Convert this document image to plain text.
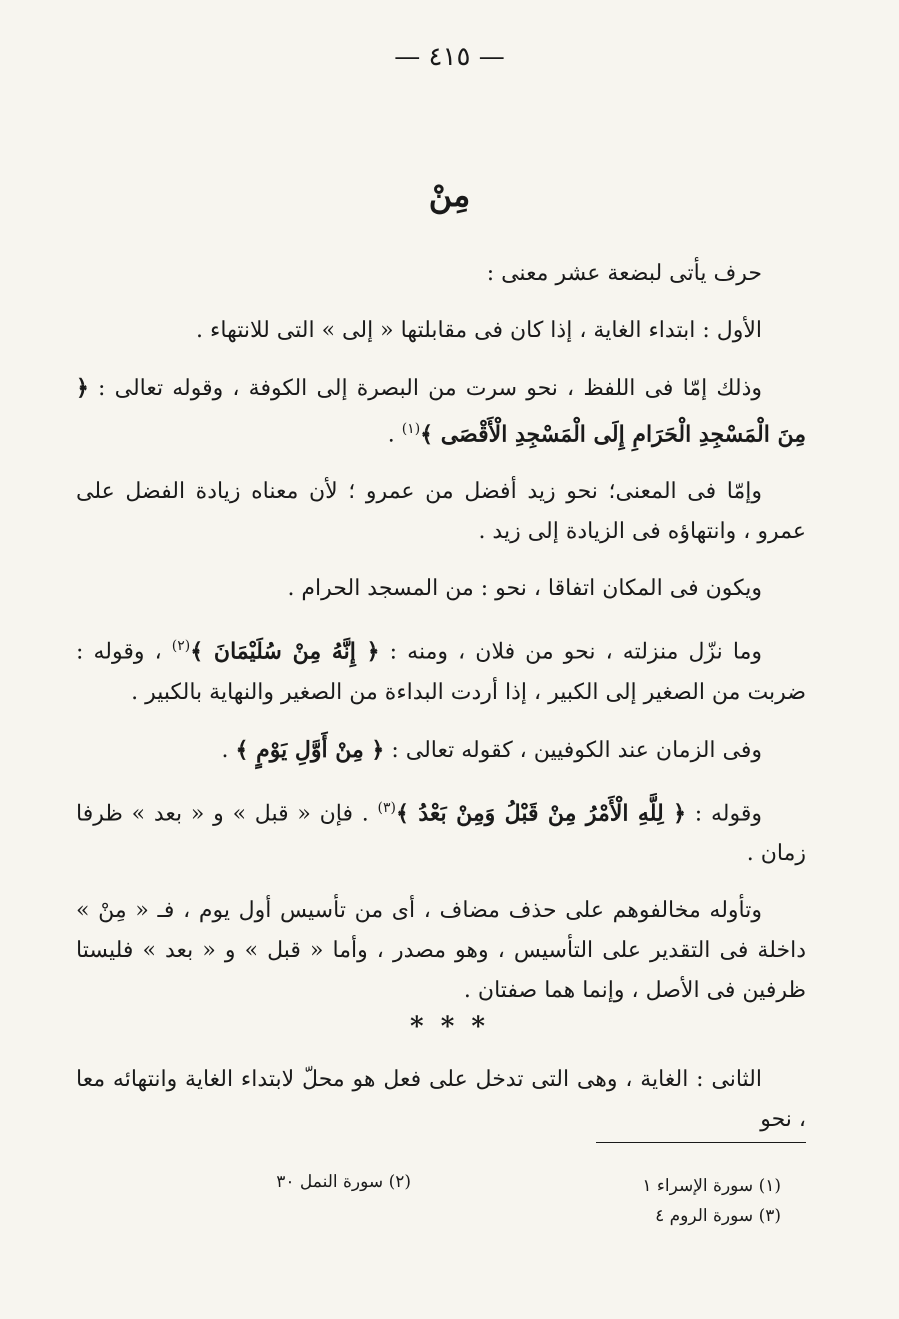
— ٤١٥ —
مِنْ

حرف يأتى لبضعة عشر معنى :

الأول : ابتداء الغاية ، إذا كان فى مقابلتها « إلى » التى للانتهاء .

وذلك إمّا فى اللفظ ، نحو سرت من البصرة إلى الكوفة ، وقوله تعالى : ﴿ مِنَ الْمَسْجِدِ الْحَرَامِ إِلَى الْمَسْجِدِ الْأَقْصَى ﴾$^{(١)}$ .

وإمّا فى المعنى؛ نحو زيد أفضل من عمرو ؛ لأن معناه زيادة الفضل على عمرو ، وانتهاؤه فى الزيادة إلى زيد .

ويكون فى المكان اتفاقا ، نحو : من المسجد الحرام .

وما نزّل منزلته ، نحو من فلان ، ومنه : ﴿ إِنَّهُ مِنْ سُلَيْمَانَ ﴾$^{(٢)}$ ، وقوله : ضربت من الصغير إلى الكبير ، إذا أردت البداءة من الصغير والنهاية بالكبير .

وفى الزمان عند الكوفيين ، كقوله تعالى : ﴿ مِنْ أَوَّلِ يَوْمٍ ﴾ .

وقوله : ﴿ لِلَّهِ الْأَمْرُ مِنْ قَبْلُ وَمِنْ بَعْدُ ﴾$^{(٣)}$ . فإن « قبل » و « بعد » ظرفا زمان .

وتأوله مخالفوهم على حذف مضاف ، أى من تأسيس أول يوم ، فـ « مِنْ » داخلة فى التقدير على التأسيس ، وهو مصدر ، وأما « قبل » و « بعد » فليستا ظرفين فى الأصل ، وإنما هما صفتان .

* * *
الثانى : الغاية ، وهى التى تدخل على فعل هو محلّ لابتداء الغاية وانتهائه معا ، نحو
(١) سورة الإسراء ١
(٢) سورة النمل ٣٠
(٣) سورة الروم ٤
